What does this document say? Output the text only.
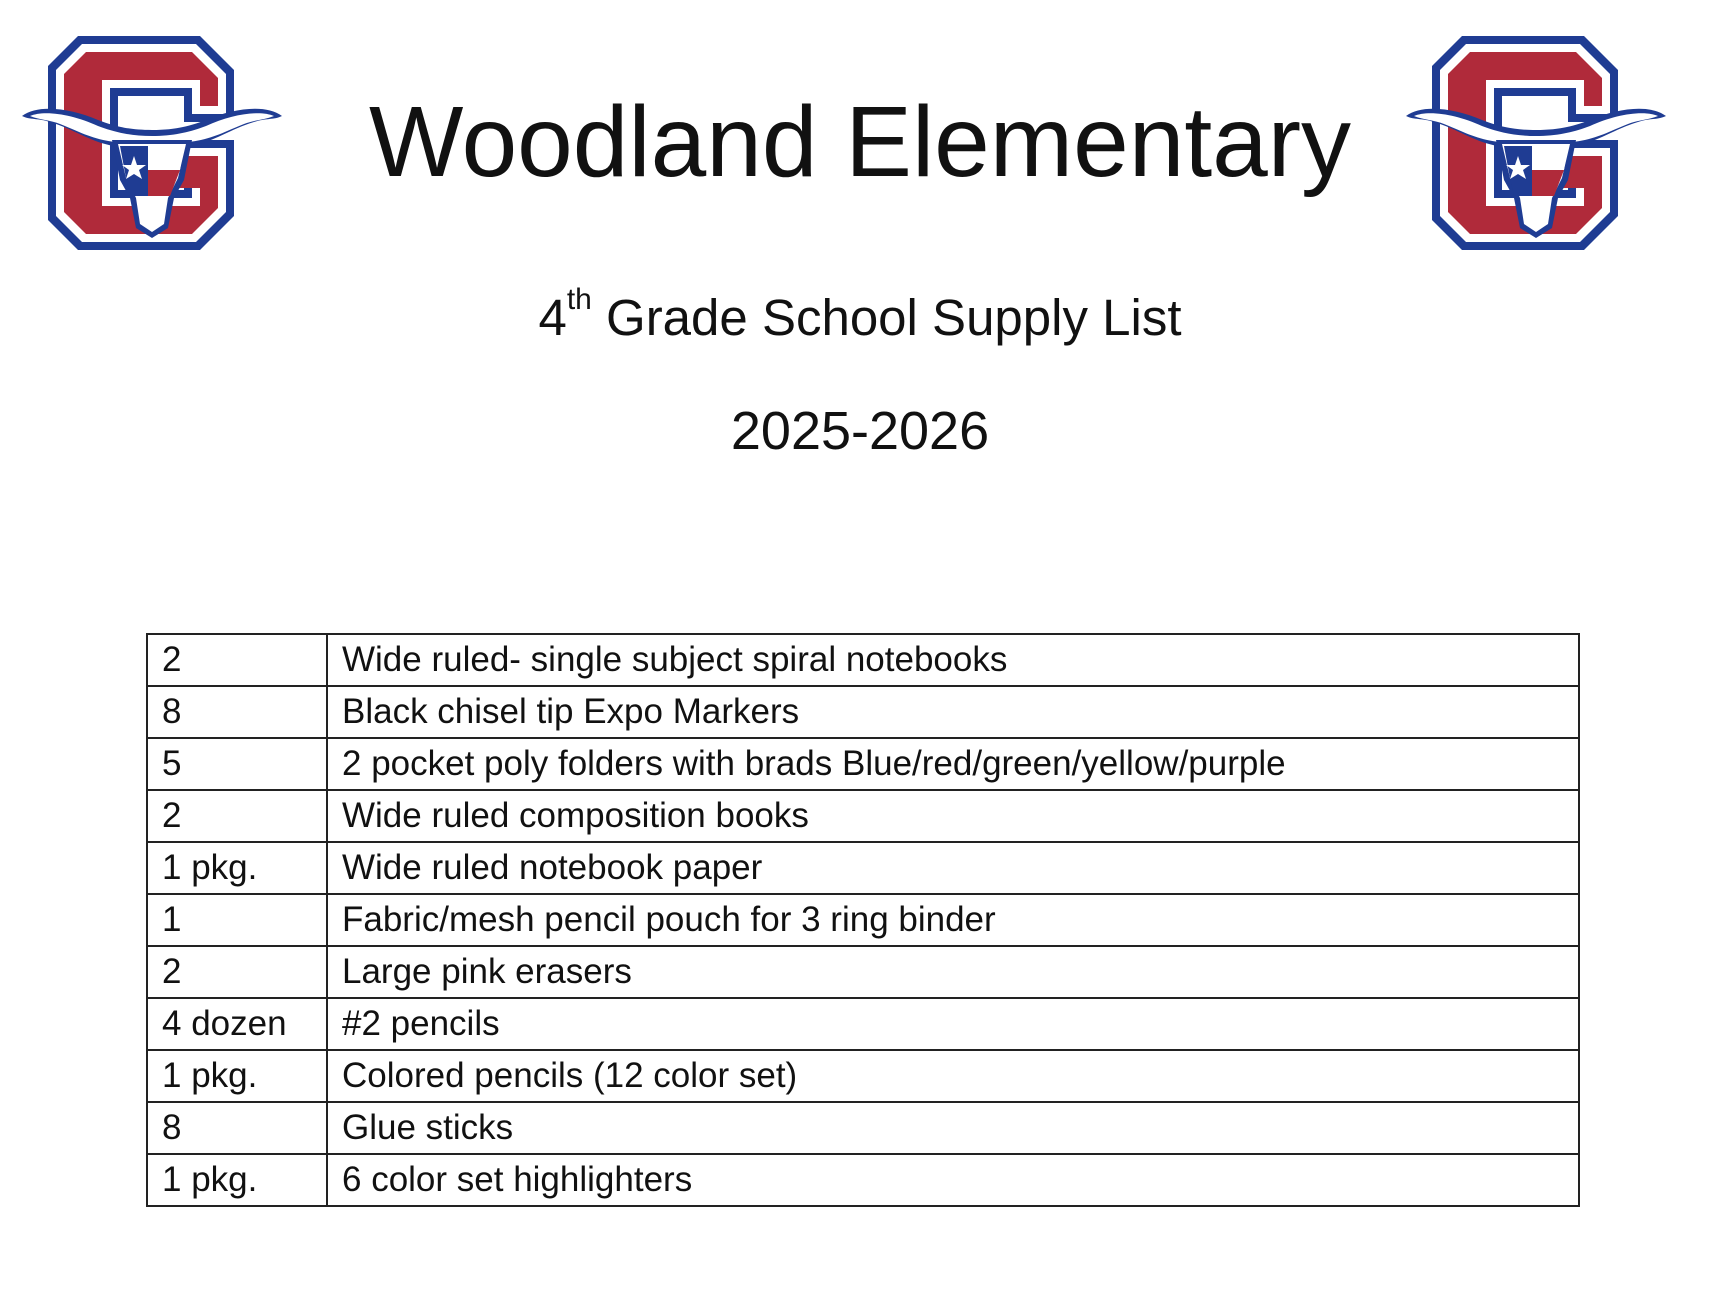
Woodland Elementary
4th Grade School Supply List
2025-2026
2	Wide ruled- single subject spiral notebooks
8	Black chisel tip Expo Markers
5	2 pocket poly folders with brads Blue/red/green/yellow/purple
2	Wide ruled composition books
1 pkg.	Wide ruled notebook paper
1	Fabric/mesh pencil pouch for 3 ring binder
2	Large pink erasers
4 dozen	#2 pencils
1 pkg.	Colored pencils (12 color set)
8	Glue sticks
1 pkg.	6 color set highlighters
